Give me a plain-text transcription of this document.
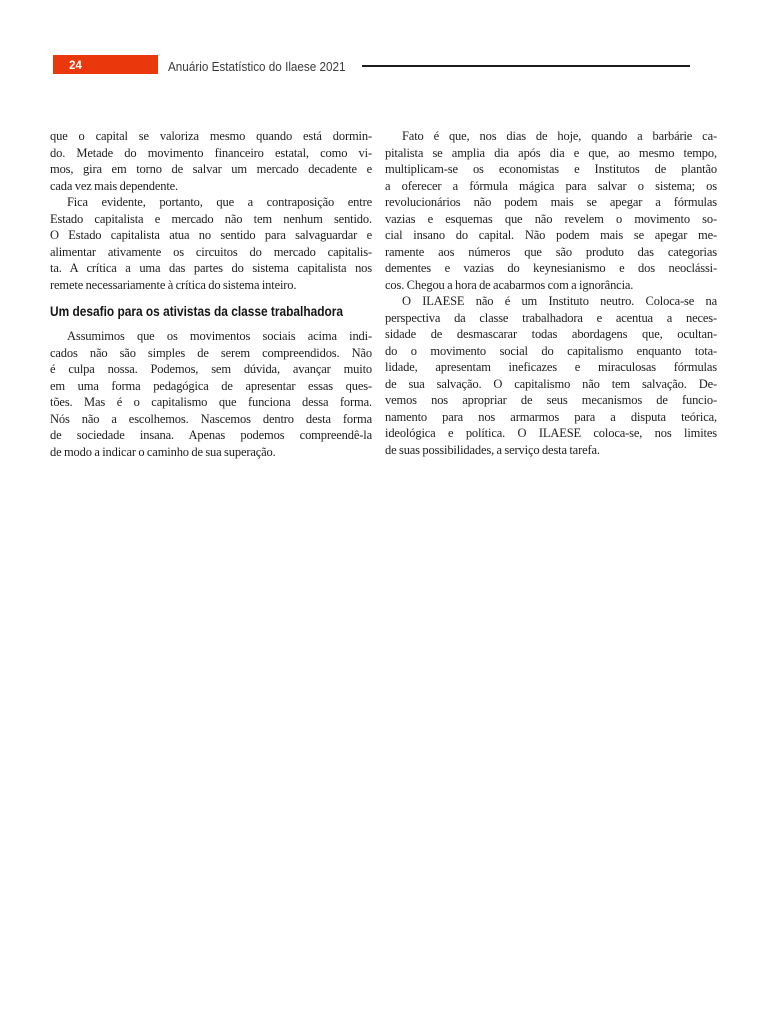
24	Anuário Estatístico do Ilaese 2021
que o capital se valoriza mesmo quando está dormin-
do. Metade do movimento financeiro estatal, como vi-
mos, gira em torno de salvar um mercado decadente e
cada vez mais dependente.
Fica evidente, portanto, que a contraposição entre
Estado capitalista e mercado não tem nenhum sentido.
O Estado capitalista atua no sentido para salvaguardar e
alimentar ativamente os circuitos do mercado capitalis-
ta. A crítica a uma das partes do sistema capitalista nos
remete necessariamente à crítica do sistema inteiro.
Um desafio para os ativistas da classe trabalhadora
Assumimos que os movimentos sociais acima indi-
cados não são simples de serem compreendidos. Não
é culpa nossa. Podemos, sem dúvida, avançar muito
em uma forma pedagógica de apresentar essas ques-
tões. Mas é o capitalismo que funciona dessa forma.
Nós não a escolhemos. Nascemos dentro desta forma
de sociedade insana. Apenas podemos compreendê-la
de modo a indicar o caminho de sua superação.
Fato é que, nos dias de hoje, quando a barbárie ca-
pitalista se amplia dia após dia e que, ao mesmo tempo,
multiplicam-se os economistas e Institutos de plantão
a oferecer a fórmula mágica para salvar o sistema; os
revolucionários não podem mais se apegar a fórmulas
vazias e esquemas que não revelem o movimento so-
cial insano do capital. Não podem mais se apegar me-
ramente aos números que são produto das categorias
dementes e vazias do keynesianismo e dos neoclássi-
cos. Chegou a hora de acabarmos com a ignorância.
O ILAESE não é um Instituto neutro. Coloca-se na
perspectiva da classe trabalhadora e acentua a neces-
sidade de desmascarar todas abordagens que, ocultan-
do o movimento social do capitalismo enquanto tota-
lidade, apresentam ineficazes e miraculosas fórmulas
de sua salvação. O capitalismo não tem salvação. De-
vemos nos apropriar de seus mecanismos de funcio-
namento para nos armarmos para a disputa teórica,
ideológica e política. O ILAESE coloca-se, nos limites
de suas possibilidades, a serviço desta tarefa.
